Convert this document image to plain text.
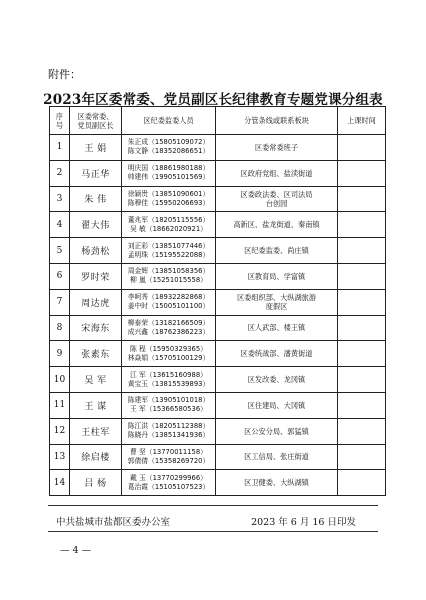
附件：
2023年区委常委、党员副区长纪律教育专题党课分组表
序
号	区委常委、
党员副区长	区纪委监委人员	分管条线或联系板块	上课时间
1	王 娟	朱正成（15805109072）
陈文静（18352086651）	区委常委班子	

2	马正华	明庆国（18861980188）
帅建伟（19905101569）	区政府党组、盐渎街道	

3	朱 伟	徐颖贵（13851090601）
陈穆佳（15950206693）	区委政法委、区司法局
台创园	

4	翟大伟	董兆军（18205115556）
吴 敏（18662020921）	高新区、盐龙街道、秦南镇	

5	杨劲松	刘正彩（13851077446）
孟明珠（15195522088）	区纪委监委、尚庄镇	

6	罗时荣	周金辉（13851058356）
柳 嵐（15251015558）	区教育局、学富镇	

7	周达虎	李呵秀（18932282868）
姜中时（15005101100）	区委组织部、大纵湖旅游
度假区	

8	宋海东	柳泰荣（13182166509）
成兴鑫（18762386223）	区人武部、楼王镇	

9	张素东	陈 程（15950329365）
林焱娟（15705100129）	区委统战部、潘黄街道	

10	吴 军	江 军（13615160988）
黄宝玉（13815539893）	区发改委、龙冈镇	

11	王 谋	陈建军（13905101018）
王 军（15366580536）	区住建局、大冈镇	

12	王柱军	陈江洪（18205112388）
陈晓丹（13851341936）	区公安分局、郭猛镇	

13	徐启楼	曹 坚（13770011158）
郭倩倩（15358269720）	区工信局、张庄街道	

14	吕 杨	戴 玉（13770299966）
葛治霞（15105107523）	区卫健委、大纵湖镇	

中共盐城市盐都区委办公室	2023 年 6 月 16 日印发
— 4 —
